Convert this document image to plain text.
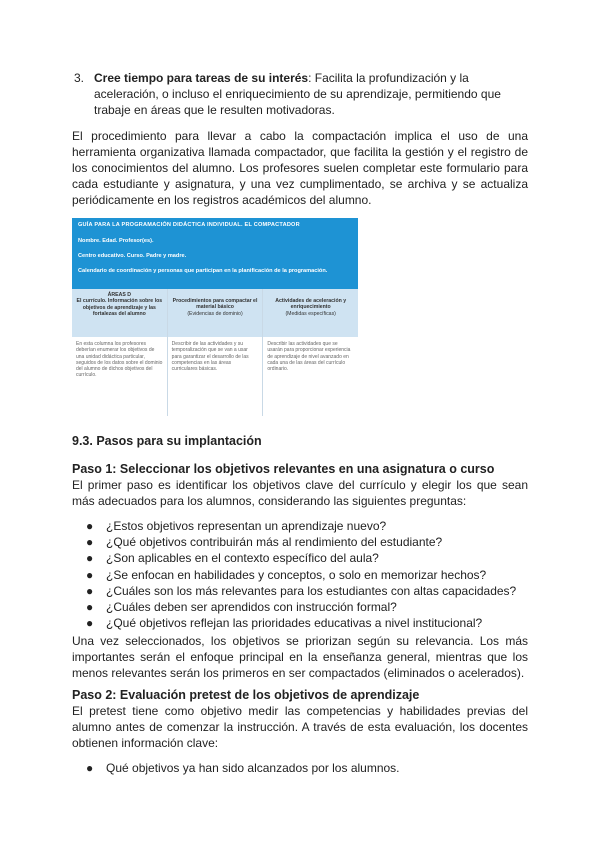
3. Cree tiempo para tareas de su interés: Facilita la profundización y la aceleración, o incluso el enriquecimiento de su aprendizaje, permitiendo que trabaje en áreas que le resulten motivadoras.

El procedimiento para llevar a cabo la compactación implica el uso de una herramienta organizativa llamada compactador, que facilita la gestión y el registro de los conocimientos del alumno. Los profesores suelen completar este formulario para cada estudiante y asignatura, y una vez cumplimentado, se archiva y se actualiza periódicamente en los registros académicos del alumno.

GUÍA PARA LA PROGRAMACIÓN DIDÁCTICA INDIVIDUAL. EL COMPACTADOR
Nombre. Edad. Profesor(es).
Centro educativo. Curso. Padre y madre.
Calendario de coordinación y personas que participan en la planificación de la programación.
ÁREAS D
El currículo. Información sobre los objetivos de aprendizaje y las fortalezas del alumno
En esta columna los profesores deberían enumerar los objetivos de una unidad didáctica particular, seguidos de los datos sobre el dominio del alumno de dichos objetivos del currículo.
Procedimientos para compactar el material básico
(Evidencias de dominio)
Describir de las actividades y su temporalización que se van a usar para garantizar el desarrollo de las competencias en las áreas curriculares básicas.
Actividades de aceleración y enriquecimiento
(Medidas específicas)
Describir las actividades que se usarán para proporcionar experiencia de aprendizaje de nivel avanzado en cada una de las áreas del currículo ordinario.
9.3. Pasos para su implantación
Paso 1: Seleccionar los objetivos relevantes en una asignatura o curso

El primer paso es identificar los objetivos clave del currículo y elegir los que sean más adecuados para los alumnos, considerando las siguientes preguntas:

● ¿Estos objetivos representan un aprendizaje nuevo?
● ¿Qué objetivos contribuirán más al rendimiento del estudiante?
● ¿Son aplicables en el contexto específico del aula?
● ¿Se enfocan en habilidades y conceptos, o solo en memorizar hechos?
● ¿Cuáles son los más relevantes para los estudiantes con altas capacidades?
● ¿Cuáles deben ser aprendidos con instrucción formal?
● ¿Qué objetivos reflejan las prioridades educativas a nivel institucional?

Una vez seleccionados, los objetivos se priorizan según su relevancia. Los más importantes serán el enfoque principal en la enseñanza general, mientras que los menos relevantes serán los primeros en ser compactados (eliminados o acelerados).

Paso 2: Evaluación pretest de los objetivos de aprendizaje

El pretest tiene como objetivo medir las competencias y habilidades previas del alumno antes de comenzar la instrucción. A través de esta evaluación, los docentes obtienen información clave:

● Qué objetivos ya han sido alcanzados por los alumnos.
